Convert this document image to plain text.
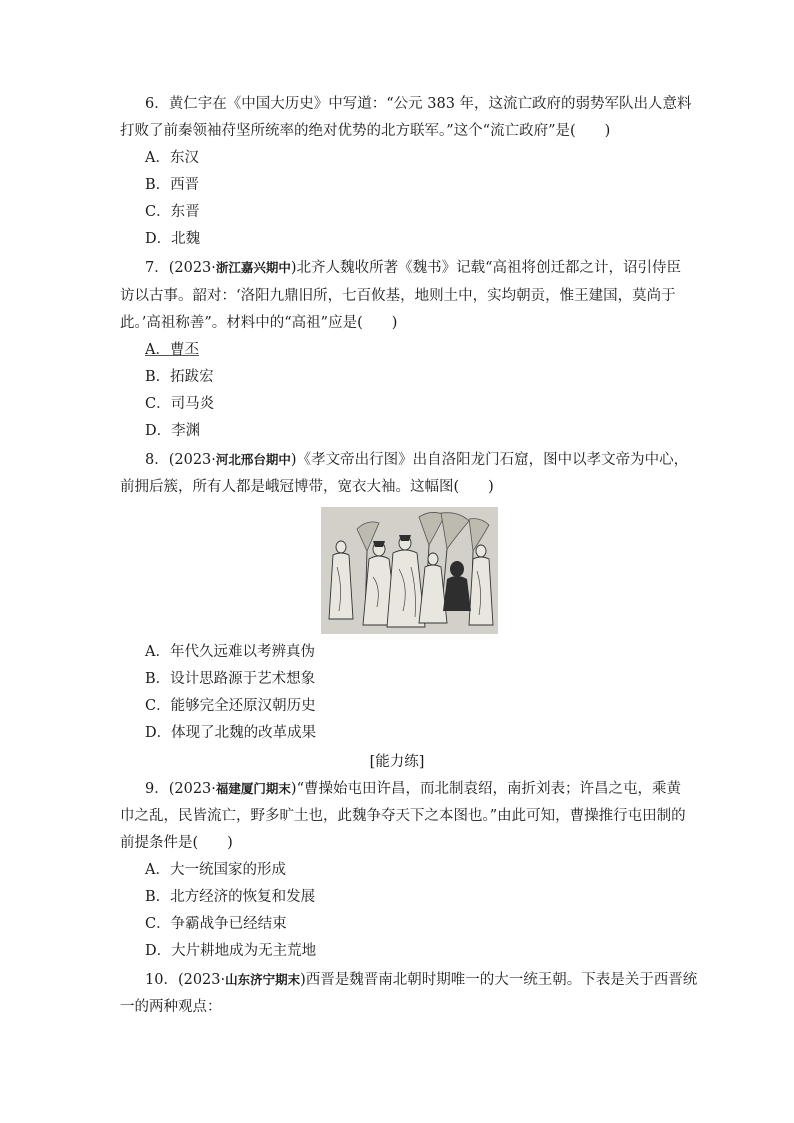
6．黄仁宇在《中国大历史》中写道：“公元 383 年，这流亡政府的弱势军队出人意料
打败了前秦领袖苻坚所统率的绝对优势的北方联军。”这个“流亡政府”是(　　)
A．东汉
B．西晋
C．东晋
D．北魏
7．(2023·浙江嘉兴期中)北齐人魏收所著《魏书》记载“高祖将创迁都之计，诏引侍臣
访以古事。韶对：‘洛阳九鼎旧所，七百攸基，地则土中，实均朝贡，惟王建国，莫尚于
此。’高祖称善”。材料中的“高祖”应是(　　)
A．曹丕
B．拓跋宏
C．司马炎
D．李渊
8．(2023·河北邢台期中)《孝文帝出行图》出自洛阳龙门石窟，图中以孝文帝为中心，
前拥后簇，所有人都是峨冠博带，宽衣大袖。这幅图(　　)
A．年代久远难以考辨真伪
B．设计思路源于艺术想象
C．能够完全还原汉朝历史
D．体现了北魏的改革成果
[能力练]
9．(2023·福建厦门期末)“曹操始屯田许昌，而北制袁绍，南折刘表；许昌之屯，乘黄
巾之乱，民皆流亡，野多旷土也，此魏争夺天下之本图也。”由此可知，曹操推行屯田制的
前提条件是(　　)
A．大一统国家的形成
B．北方经济的恢复和发展
C．争霸战争已经结束
D．大片耕地成为无主荒地
10．(2023·山东济宁期末)西晋是魏晋南北朝时期唯一的大一统王朝。下表是关于西晋统
一的两种观点：
